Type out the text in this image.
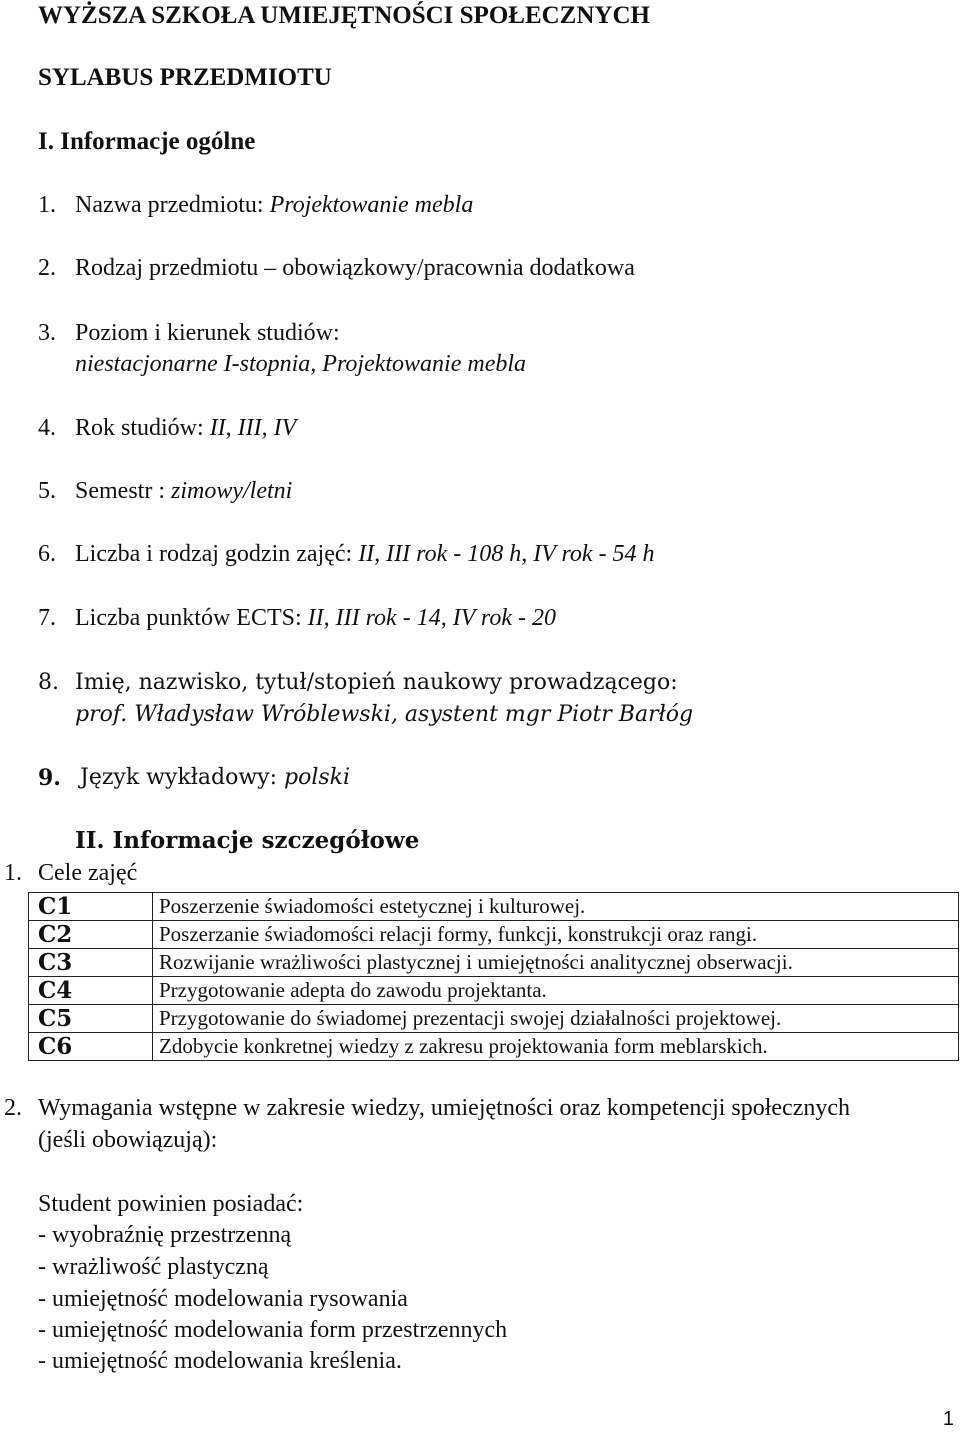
WYŻSZA SZKOŁA UMIEJĘTNOŚCI SPOŁECZNYCH
SYLABUS PRZEDMIOTU
I. Informacje ogólne
1. Nazwa przedmiotu: Projektowanie mebla
2. Rodzaj przedmiotu – obowiązkowy/pracownia dodatkowa
3. Poziom i kierunek studiów:
niestacjonarne I-stopnia, Projektowanie mebla
4. Rok studiów: II, III, IV
5. Semestr : zimowy/letni
6. Liczba i rodzaj godzin zajęć: II, III rok - 108 h, IV rok - 54 h
7. Liczba punktów ECTS: II, III rok - 14, IV rok - 20
8. Imię, nazwisko, tytuł/stopień naukowy prowadzącego:
prof. Władysław Wróblewski, asystent mgr Piotr Barłóg
9. Język wykładowy: polski
II. Informacje szczegółowe
1. Cele zajęć
C1	Poszerzenie świadomości estetycznej i kulturowej.
C2	Poszerzanie świadomości relacji formy, funkcji, konstrukcji oraz rangi.
C3	Rozwijanie wrażliwości plastycznej i umiejętności analitycznej obserwacji.
C4	Przygotowanie adepta do zawodu projektanta.
C5	Przygotowanie do świadomej prezentacji swojej działalności projektowej.
C6	Zdobycie konkretnej wiedzy z zakresu projektowania form meblarskich.
2. Wymagania wstępne w zakresie wiedzy, umiejętności oraz kompetencji społecznych
(jeśli obowiązują):
Student powinien posiadać:
- wyobraźnię przestrzenną
- wrażliwość plastyczną
- umiejętność modelowania rysowania
- umiejętność modelowania form przestrzennych
- umiejętność modelowania kreślenia.
1
